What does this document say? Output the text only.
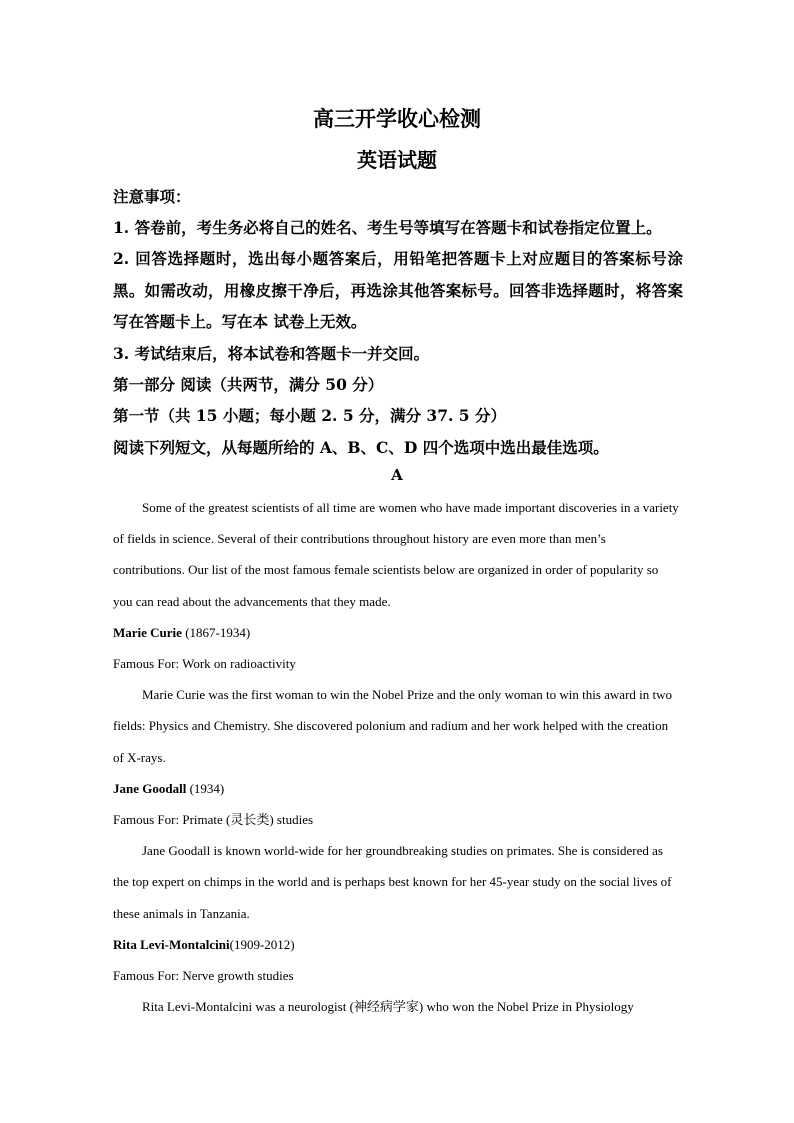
高三开学收心检测
英语试题
注意事项：
1. 答卷前，考生务必将自己的姓名、考生号等填写在答题卡和试卷指定位置上。
2. 回答选择题时，选出每小题答案后，用铅笔把答题卡上对应题目的答案标号涂黑。如需改动，用橡皮擦干净后，再选涂其他答案标号。回答非选择题时，将答案写在答题卡上。写在本 试卷上无效。
3. 考试结束后，将本试卷和答题卡一并交回。
第一部分 阅读（共两节，满分 50 分）
第一节（共 15 小题；每小题 2. 5 分，满分 37. 5 分）
阅读下列短文，从每题所给的 A、B、C、D 四个选项中选出最佳选项。
A

Some of the greatest scientists of all time are women who have made important discoveries in a variety of fields in science. Several of their contributions throughout history are even more than men’s contributions. Our list of the most famous female scientists below are organized in order of popularity so you can read about the advancements that they made.

Marie Curie (1867-1934)
Famous For: Work on radioactivity

Marie Curie was the first woman to win the Nobel Prize and the only woman to win this award in two fields: Physics and Chemistry. She discovered polonium and radium and her work helped with the creation of X-rays.

Jane Goodall (1934)
Famous For: Primate (灵长类) studies

Jane Goodall is known world-wide for her groundbreaking studies on primates. She is considered as the top expert on chimps in the world and is perhaps best known for her 45-year study on the social lives of these animals in Tanzania.

Rita Levi-Montalcini(1909-2012)
Famous For: Nerve growth studies

Rita Levi-Montalcini was a neurologist (神经病学家) who won the Nobel Prize in Physiology
